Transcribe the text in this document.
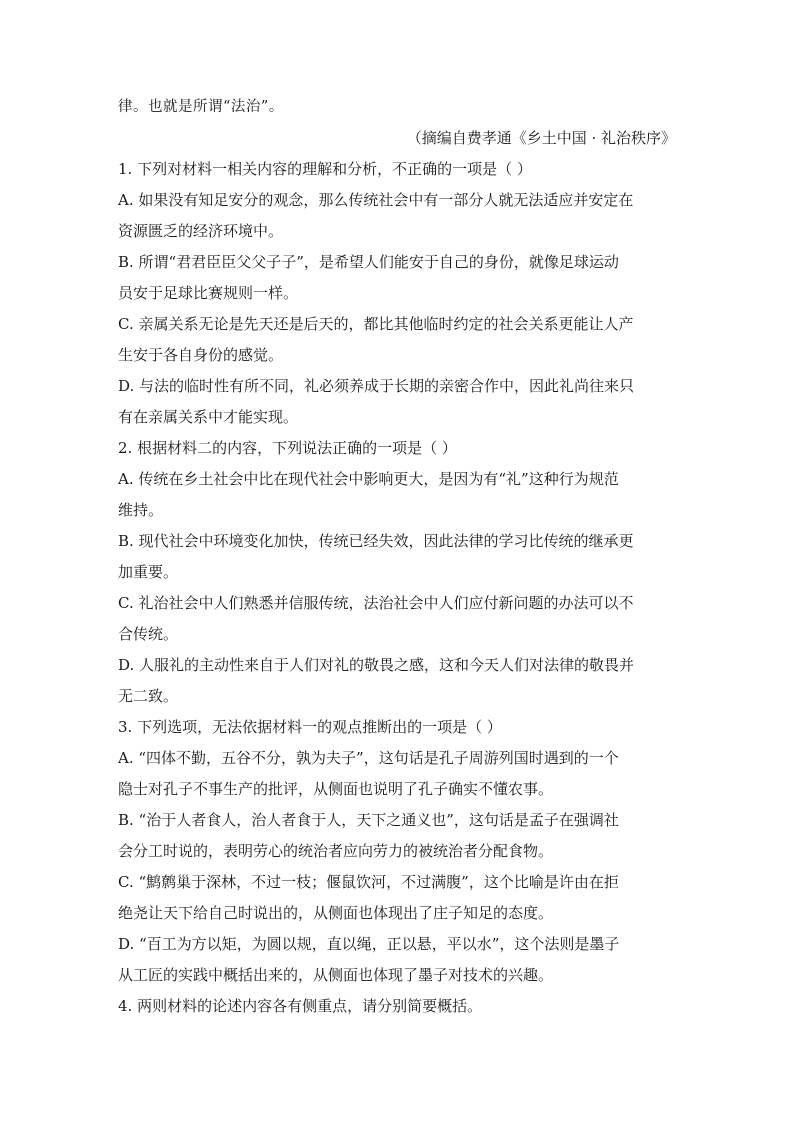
律。也就是所谓“法治”。
（摘编自费孝通《乡土中国 · 礼治秩序》
1. 下列对材料一相关内容的理解和分析，不正确的一项是（ ）
A. 如果没有知足安分的观念，那么传统社会中有一部分人就无法适应并安定在
资源匮乏的经济环境中。
B. 所谓“君君臣臣父父子子”，是希望人们能安于自己的身份，就像足球运动
员安于足球比赛规则一样。
C. 亲属关系无论是先天还是后天的，都比其他临时约定的社会关系更能让人产
生安于各自身份的感觉。
D. 与法的临时性有所不同，礼必须养成于长期的亲密合作中，因此礼尚往来只
有在亲属关系中才能实现。
2. 根据材料二的内容，下列说法正确的一项是（ ）
A. 传统在乡土社会中比在现代社会中影响更大，是因为有“礼”这种行为规范
维持。
B. 现代社会中环境变化加快，传统已经失效，因此法律的学习比传统的继承更
加重要。
C. 礼治社会中人们熟悉并信服传统，法治社会中人们应付新问题的办法可以不
合传统。
D. 人服礼的主动性来自于人们对礼的敬畏之感，这和今天人们对法律的敬畏并
无二致。
3. 下列选项，无法依据材料一的观点推断出的一项是（ ）
A. “四体不勤，五谷不分，孰为夫子”，这句话是孔子周游列国时遇到的一个
隐士对孔子不事生产的批评，从侧面也说明了孔子确实不懂农事。
B. “治于人者食人，治人者食于人，天下之通义也”，这句话是孟子在强调社
会分工时说的，表明劳心的统治者应向劳力的被统治者分配食物。
C. “鹪鹩巢于深林，不过一枝；偃鼠饮河，不过满腹”，这个比喻是许由在拒
绝尧让天下给自己时说出的，从侧面也体现出了庄子知足的态度。
D. “百工为方以矩，为圆以规，直以绳，正以悬，平以水”，这个法则是墨子
从工匠的实践中概括出来的，从侧面也体现了墨子对技术的兴趣。
4. 两则材料的论述内容各有侧重点，请分别简要概括。
